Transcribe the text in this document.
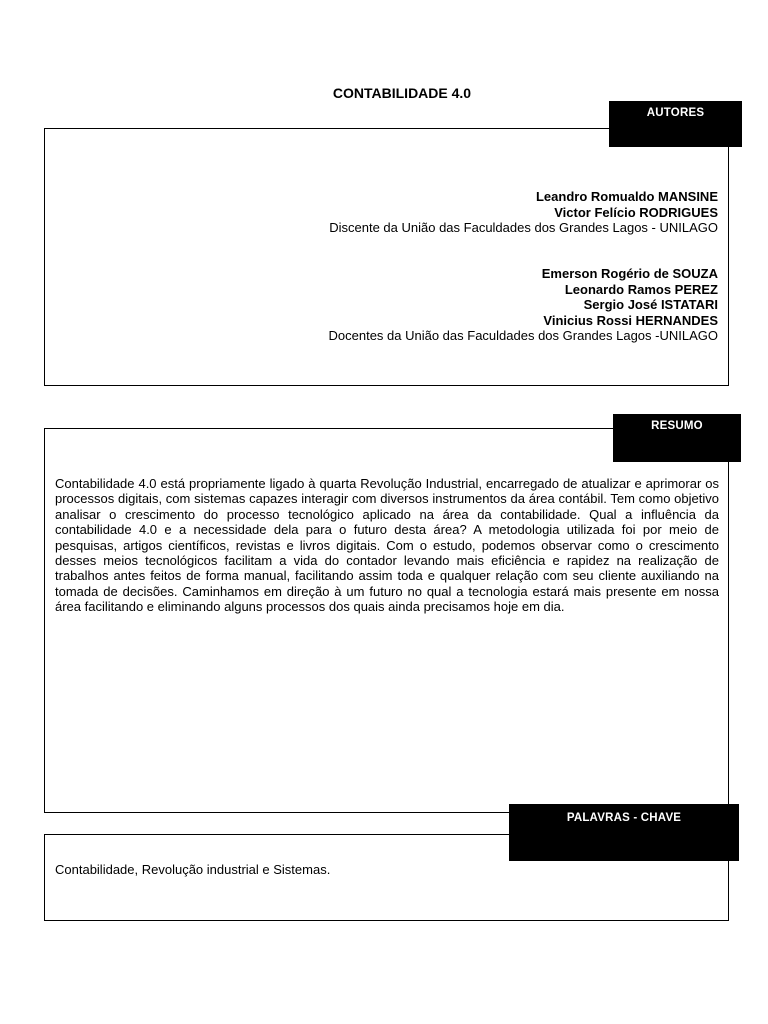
CONTABILIDADE 4.0
AUTORES
Leandro Romualdo MANSINE
Victor Felício RODRIGUES
Discente da União das Faculdades dos Grandes Lagos - UNILAGO
Emerson Rogério de SOUZA
Leonardo Ramos PEREZ
Sergio José ISTATARI
Vinicius Rossi HERNANDES
Docentes da União das Faculdades dos Grandes Lagos -UNILAGO
RESUMO
Contabilidade 4.0 está propriamente ligado à quarta Revolução Industrial, encarregado de atualizar e aprimorar os processos digitais, com sistemas capazes interagir com diversos instrumentos da área contábil. Tem como objetivo analisar o crescimento do processo tecnológico aplicado na área da contabilidade. Qual a influência da contabilidade 4.0 e a necessidade dela para o futuro desta área? A metodologia utilizada foi por meio de pesquisas, artigos científicos, revistas e livros digitais. Com o estudo, podemos observar como o crescimento desses meios tecnológicos facilitam a vida do contador levando mais eficiência e rapidez na realização de trabalhos antes feitos de forma manual, facilitando assim toda e qualquer relação com seu cliente auxiliando na tomada de decisões. Caminhamos em direção à um futuro no qual a tecnologia estará mais presente em nossa área facilitando e eliminando alguns processos dos quais ainda precisamos hoje em dia.
PALAVRAS - CHAVE
Contabilidade, Revolução industrial e Sistemas.
